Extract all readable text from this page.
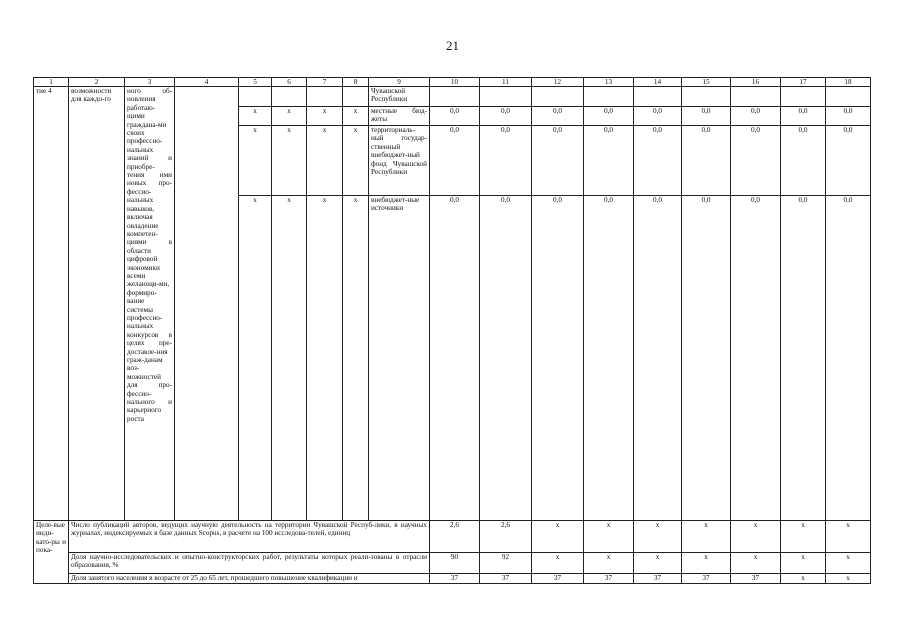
21
1	2	3	4	5	6	7	8	9	10	11	12	13	14	15	16	17	18
тие 4	возможности для каждо-го	ного об-новления работаю-щими гражданa-ми своих профессио-нальных знаний и приобре-тения ими новых про-фессио-нальных навыков, включая овладение компетен-циями в области цифровой экономики всеми желающи-ми, формиро-вание системы профессио-нальных конкурсов в целях пре-доставле-ния граж-данам воз-можностей для про-фессио-нального и карьерного роста						Чувашской Республики									
				x	x	x	x	местные бюд-жеты	0,0	0,0	0,0	0,0	0,0	0,0	0,0	0,0	0,0
				x	x	x	x	территориаль-ный государ-ственный внебюджет-ный фонд Чувашской Республики	0,0	0,0	0,0	0,0	0,0	0,0	0,0	0,0	0,0
				x	x	x	x	внебюджет-ные источники	0,0	0,0	0,0	0,0	0,0	0,0	0,0	0,0	0,0

Целе-вые инди-като-ры и пока-	Число публикаций авторов, ведущих научную деятельность на территории Чувашской Респуб-лики, в научных журналах, индексируемых в базе данных Scopus, в расчете на 100 исследова-телей, единиц								2,6	2,6	x	x	x	x	x	x	x
	Доля научно-исследовательских и опытно-конструкторских работ, результаты которых реали-зованы в отрасли образования, %								90	92	x	x	x	x	x	x	x
	Доля занятого населения в возрасте от 25 до 65 лет, прошедшего повышение квалификации и								37	37	37	37	37	37	37	x	x
